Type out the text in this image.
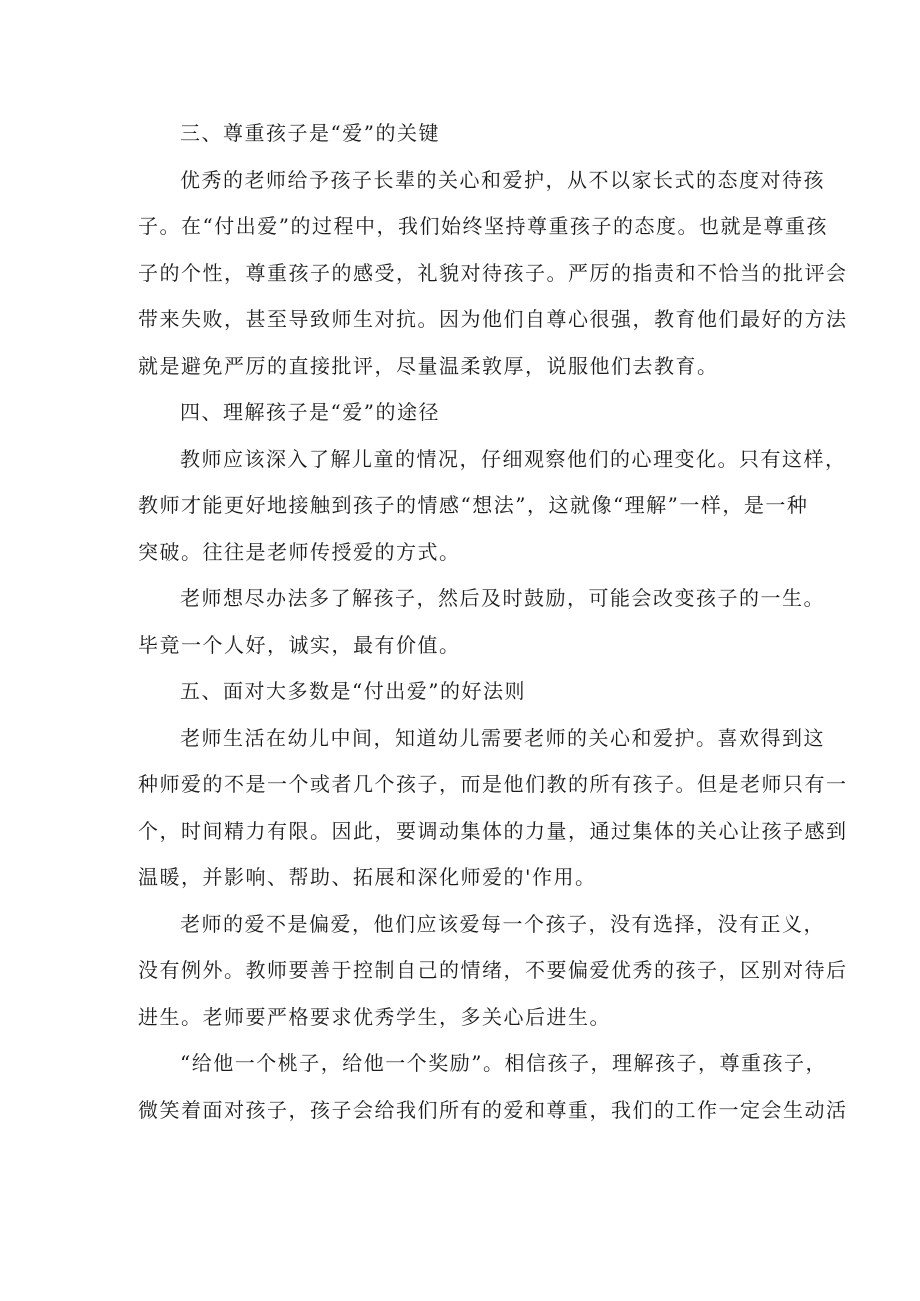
三、尊重孩子是“爱”的关键
优秀的老师给予孩子长辈的关心和爱护，从不以家长式的态度对待孩
子。在“付出爱”的过程中，我们始终坚持尊重孩子的态度。也就是尊重孩
子的个性，尊重孩子的感受，礼貌对待孩子。严厉的指责和不恰当的批评会
带来失败，甚至导致师生对抗。因为他们自尊心很强，教育他们最好的方法
就是避免严厉的直接批评，尽量温柔敦厚，说服他们去教育。
四、理解孩子是“爱”的途径
教师应该深入了解儿童的情况，仔细观察他们的心理变化。只有这样，
教师才能更好地接触到孩子的情感“想法”，这就像“理解”一样，是一种
突破。往往是老师传授爱的方式。
老师想尽办法多了解孩子，然后及时鼓励，可能会改变孩子的一生。
毕竟一个人好，诚实，最有价值。
五、面对大多数是“付出爱”的好法则
老师生活在幼儿中间，知道幼儿需要老师的关心和爱护。喜欢得到这
种师爱的不是一个或者几个孩子，而是他们教的所有孩子。但是老师只有一
个，时间精力有限。因此，要调动集体的力量，通过集体的关心让孩子感到
温暖，并影响、帮助、拓展和深化师爱的'作用。
老师的爱不是偏爱，他们应该爱每一个孩子，没有选择，没有正义，
没有例外。教师要善于控制自己的情绪，不要偏爱优秀的孩子，区别对待后
进生。老师要严格要求优秀学生，多关心后进生。
“给他一个桃子，给他一个奖励”。相信孩子，理解孩子，尊重孩子，
微笑着面对孩子，孩子会给我们所有的爱和尊重，我们的工作一定会生动活
